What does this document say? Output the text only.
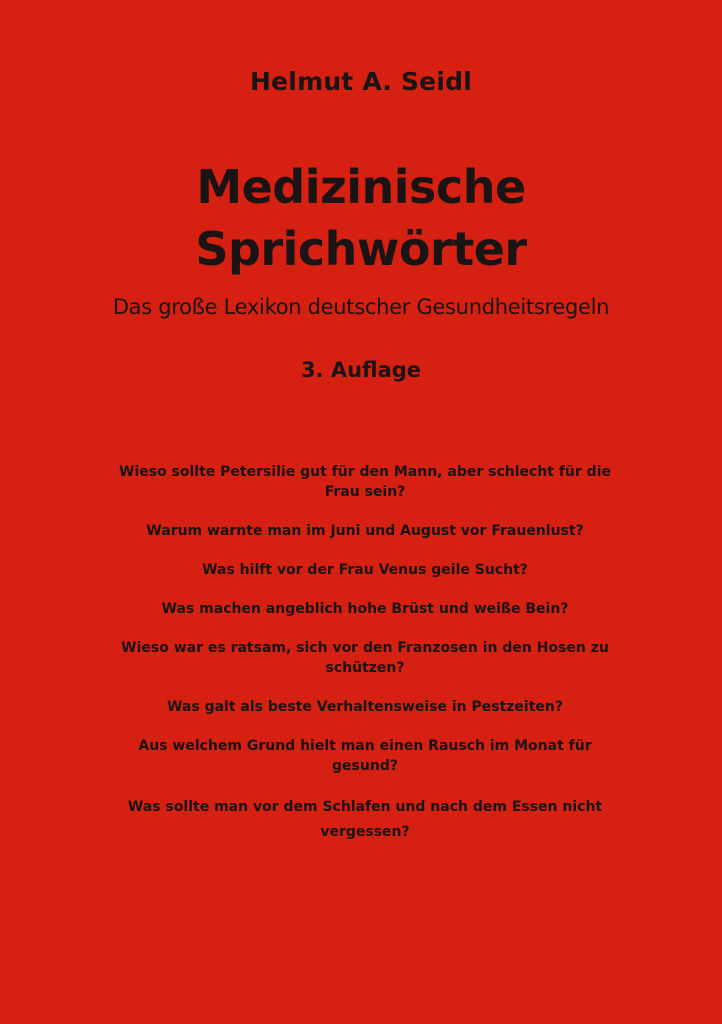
Helmut A. Seidl
Medizinische
Sprichwörter
Das große Lexikon deutscher Gesundheitsregeln
3. Auflage
Wieso sollte Petersilie gut für den Mann, aber schlecht für die Frau sein?
Warum warnte man im Juni und August vor Frauenlust?
Was hilft vor der Frau Venus geile Sucht?
Was machen angeblich hohe Brüst und weiße Bein?
Wieso war es ratsam, sich vor den Franzosen in den Hosen zu schützen?
Was galt als beste Verhaltensweise in Pestzeiten?
Aus welchem Grund hielt man einen Rausch im Monat für gesund?
Was sollte man vor dem Schlafen und nach dem Essen nicht vergessen?
